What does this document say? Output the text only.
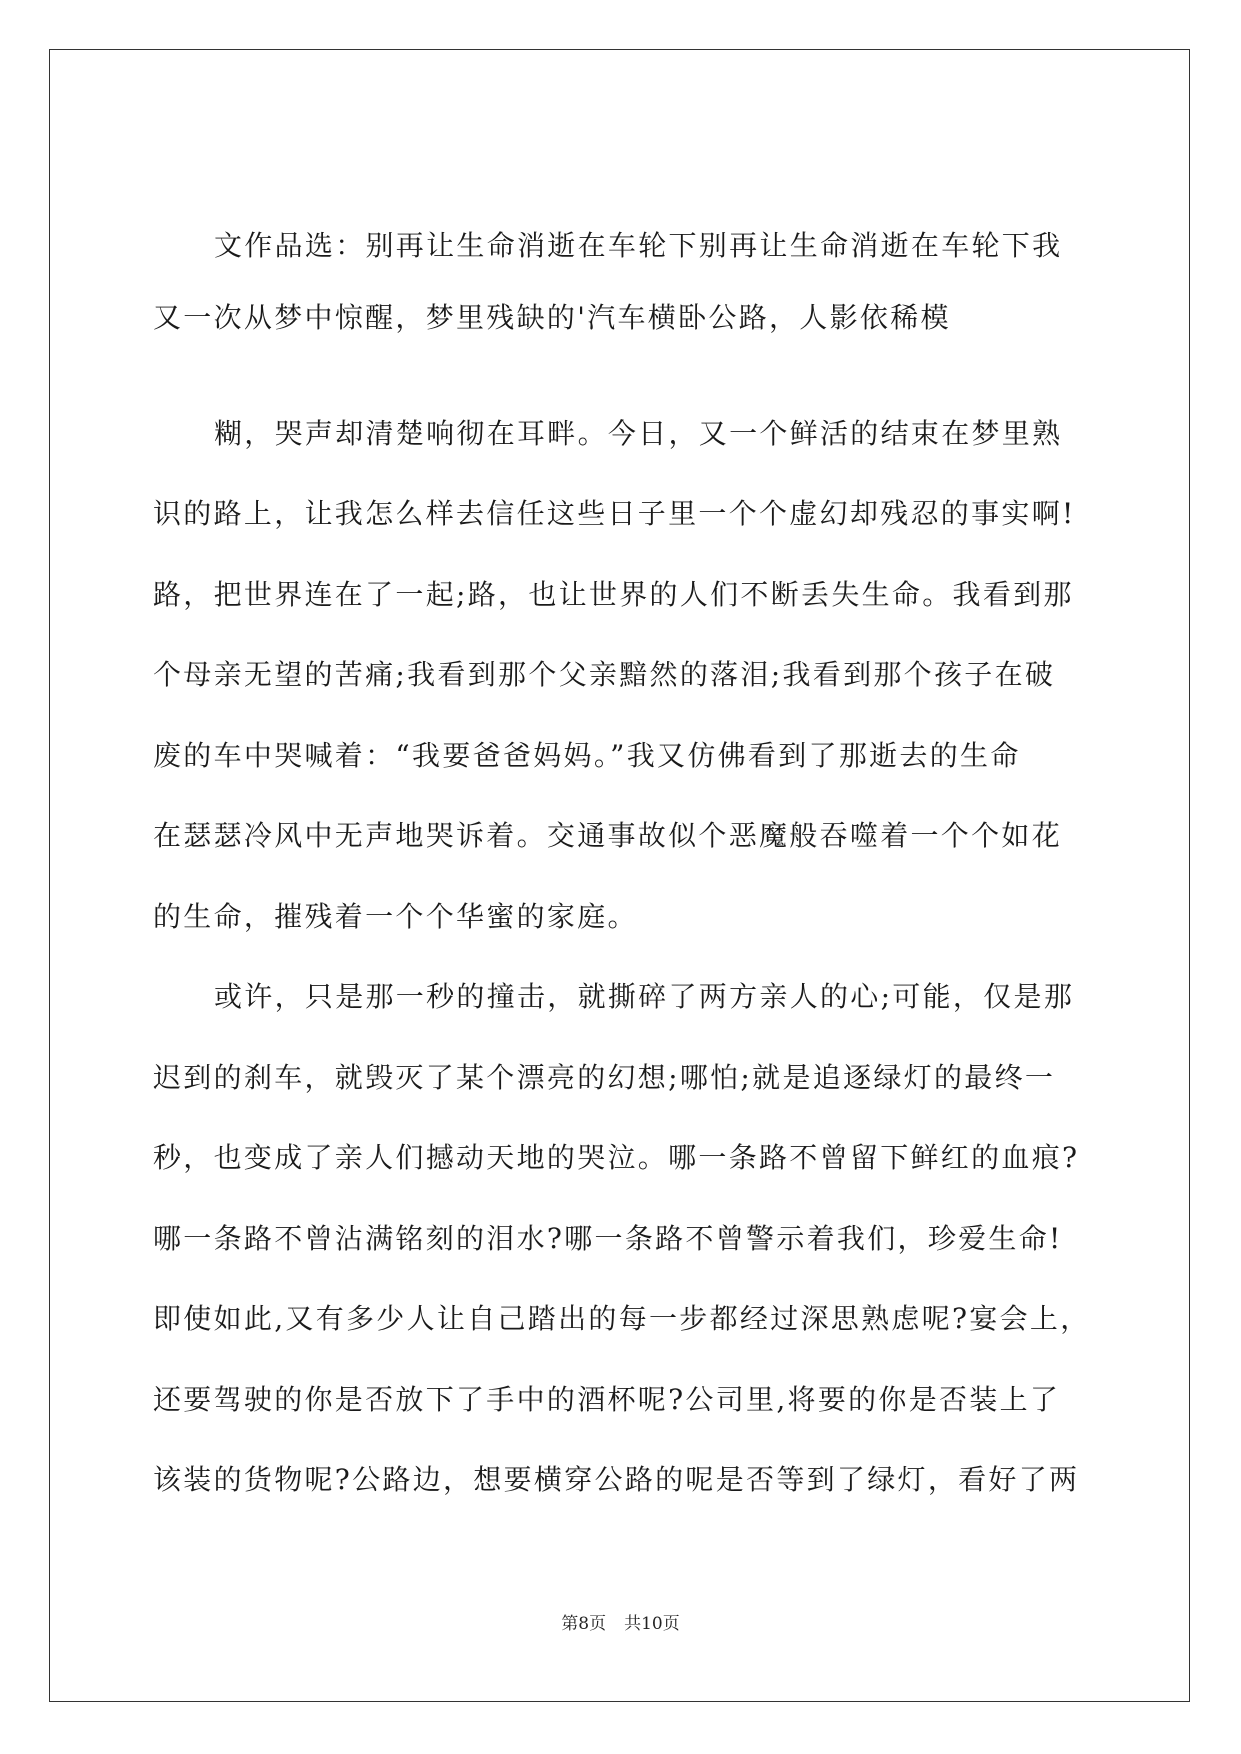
文作品选：别再让生命消逝在车轮下别再让生命消逝在车轮下我
又一次从梦中惊醒，梦里残缺的'汽车横卧公路，人影依稀模
糊，哭声却清楚响彻在耳畔。今日，又一个鲜活的结束在梦里熟
识的路上，让我怎么样去信任这些日子里一个个虚幻却残忍的事实啊!
路，把世界连在了一起;路，也让世界的人们不断丢失生命。我看到那
个母亲无望的苦痛;我看到那个父亲黯然的落泪;我看到那个孩子在破
废的车中哭喊着：“我要爸爸妈妈。”我又仿佛看到了那逝去的生命
在瑟瑟冷风中无声地哭诉着。交通事故似个恶魔般吞噬着一个个如花
的生命，摧残着一个个华蜜的家庭。
或许，只是那一秒的撞击，就撕碎了两方亲人的心;可能，仅是那
迟到的刹车，就毁灭了某个漂亮的幻想;哪怕;就是追逐绿灯的最终一
秒，也变成了亲人们撼动天地的哭泣。哪一条路不曾留下鲜红的血痕?
哪一条路不曾沾满铭刻的泪水?哪一条路不曾警示着我们，珍爱生命!
即使如此,又有多少人让自己踏出的每一步都经过深思熟虑呢?宴会上，
还要驾驶的你是否放下了手中的酒杯呢?公司里,将要的你是否装上了
该装的货物呢?公路边，想要横穿公路的呢是否等到了绿灯，看好了两
第8页 共10页
